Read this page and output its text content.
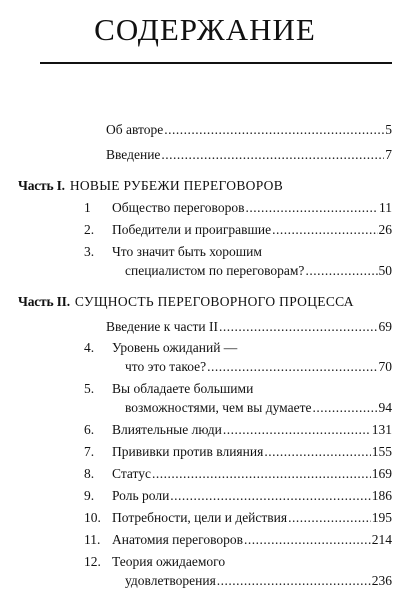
СОДЕРЖАНИЕ
Об авторе .....	5
Введение .....	7
Часть I. НОВЫЕ РУБЕЖИ ПЕРЕГОВОРОВ
1	Общество переговоров .....	11
2.	Победители и проигравшие .....	26
3.	Что значит быть хорошим
специалистом по переговорам? .....	50
Часть II. СУЩНОСТЬ ПЕРЕГОВОРНОГО ПРОЦЕССА
Введение к части II .....	69
4.	Уровень ожиданий —
что это такое? .....	70
5.	Вы обладаете большими
возможностями, чем вы думаете .....	94
6.	Влиятельные люди .....	131
7.	Прививки против влияния .....	155
8.	Статус .....	169
9.	Роль роли .....	186
10. Потребности, цели и действия .....	195
11. Анатомия переговоров .....	214
12. Теория ожидаемого
удовлетворения .....	236
